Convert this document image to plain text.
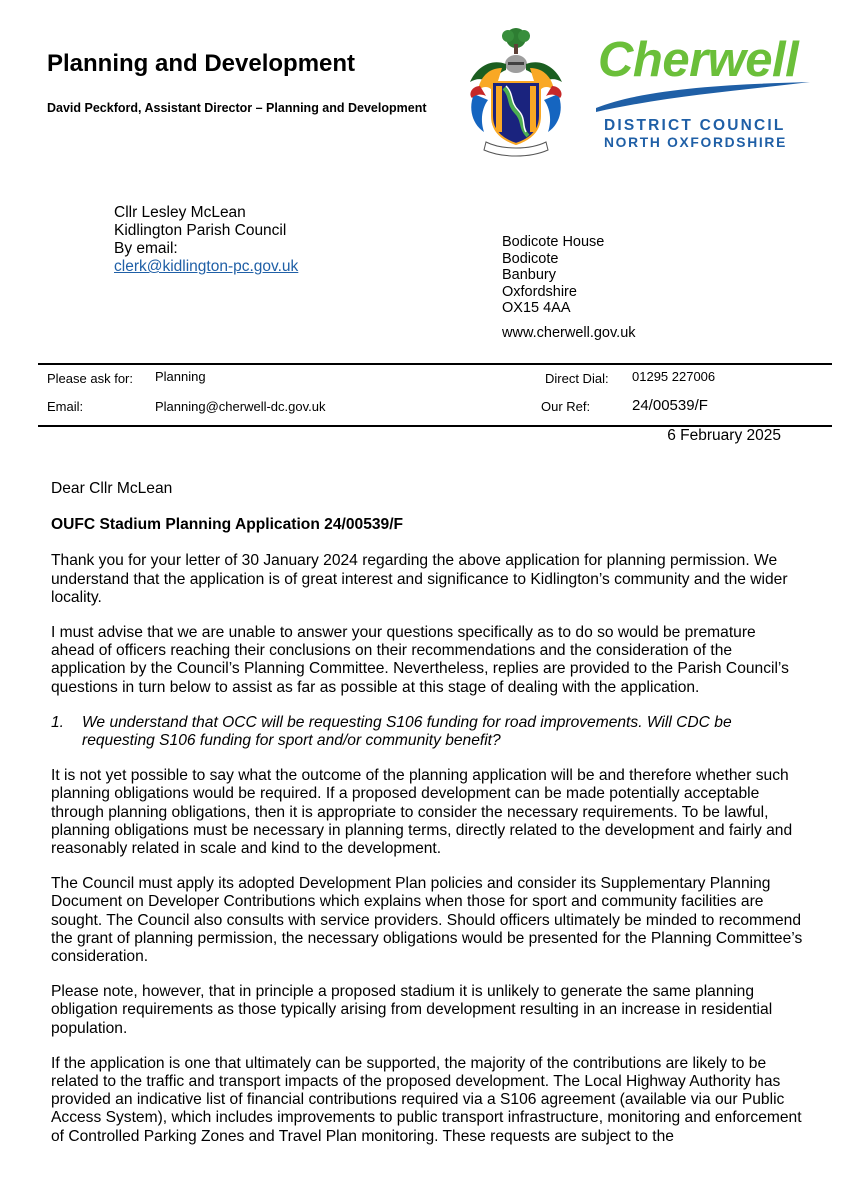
Planning and Development
David Peckford, Assistant Director – Planning and Development
Cherwell
DISTRICT COUNCIL
NORTH OXFORDSHIRE
Cllr Lesley McLean
Kidlington Parish Council
By email:
clerk@kidlington-pc.gov.uk
Bodicote House
Bodicote
Banbury
Oxfordshire
OX15 4AA
www.cherwell.gov.uk
Please ask for: Planning	Direct Dial: 01295 227006
Email:	Planning@cherwell-dc.gov.uk	Our Ref:	24/00539/F
6 February 2025

Dear Cllr McLean

OUFC Stadium Planning Application 24/00539/F

Thank you for your letter of 30 January 2024 regarding the above application for planning permission. We understand that the application is of great interest and significance to Kidlington’s community and the wider locality.

I must advise that we are unable to answer your questions specifically as to do so would be premature ahead of officers reaching their conclusions on their recommendations and the consideration of the application by the Council’s Planning Committee. Nevertheless, replies are provided to the Parish Council’s questions in turn below to assist as far as possible at this stage of dealing with the application.

1.	We understand that OCC will be requesting S106 funding for road improvements. Will CDC be requesting S106 funding for sport and/or community benefit?

It is not yet possible to say what the outcome of the planning application will be and therefore whether such planning obligations would be required. If a proposed development can be made potentially acceptable through planning obligations, then it is appropriate to consider the necessary requirements. To be lawful, planning obligations must be necessary in planning terms, directly related to the development and fairly and reasonably related in scale and kind to the development.

The Council must apply its adopted Development Plan policies and consider its Supplementary Planning Document on Developer Contributions which explains when those for sport and community facilities are sought. The Council also consults with service providers. Should officers ultimately be minded to recommend the grant of planning permission, the necessary obligations would be presented for the Planning Committee’s consideration.

Please note, however, that in principle a proposed stadium it is unlikely to generate the same planning obligation requirements as those typically arising from development resulting in an increase in residential population.

If the application is one that ultimately can be supported, the majority of the contributions are likely to be related to the traffic and transport impacts of the proposed development. The Local Highway Authority has provided an indicative list of financial contributions required via a S106 agreement (available via our Public Access System), which includes improvements to public transport infrastructure, monitoring and enforcement of Controlled Parking Zones and Travel Plan monitoring. These requests are subject to the
